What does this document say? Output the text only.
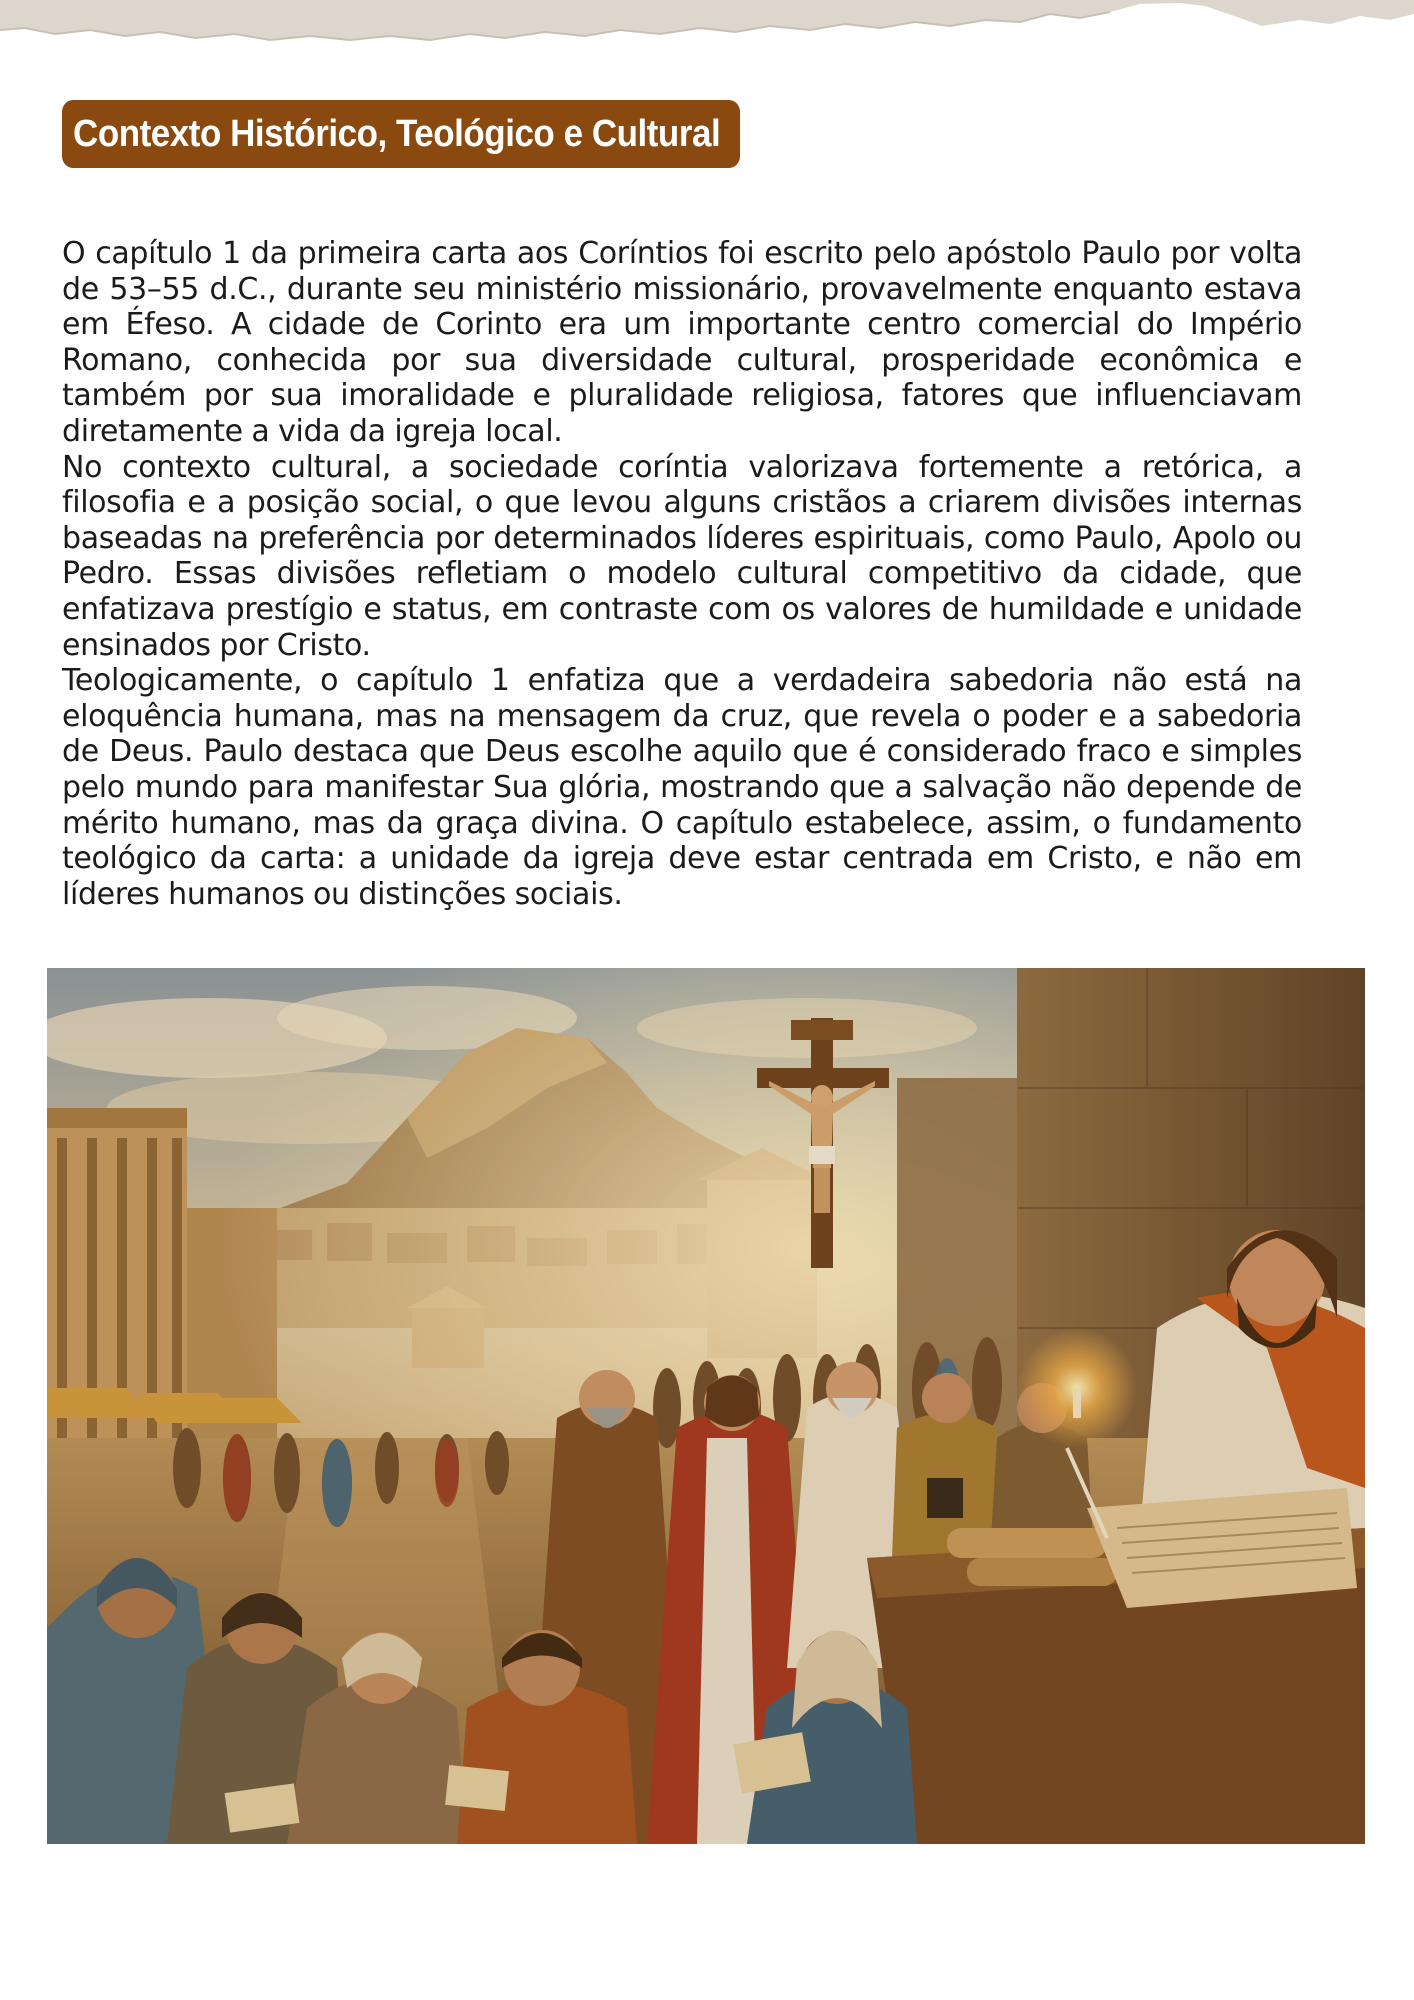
Contexto Histórico, Teológico e Cultural

O capítulo 1 da primeira carta aos Coríntios foi escrito pelo apóstolo Paulo por volta de 53–55 d.C., durante seu ministério missionário, provavelmente enquanto estava em Éfeso. A cidade de Corinto era um importante centro comercial do Império Romano, conhecida por sua diversidade cultural, prosperidade econômica e também por sua imoralidade e pluralidade religiosa, fatores que influenciavam diretamente a vida da igreja local.

No contexto cultural, a sociedade coríntia valorizava fortemente a retórica, a filosofia e a posição social, o que levou alguns cristãos a criarem divisões internas baseadas na preferência por determinados líderes espirituais, como Paulo, Apolo ou Pedro. Essas divisões refletiam o modelo cultural competitivo da cidade, que enfatizava prestígio e status, em contraste com os valores de humildade e unidade ensinados por Cristo.

Teologicamente, o capítulo 1 enfatiza que a verdadeira sabedoria não está na eloquência humana, mas na mensagem da cruz, que revela o poder e a sabedoria de Deus. Paulo destaca que Deus escolhe aquilo que é considerado fraco e simples pelo mundo para manifestar Sua glória, mostrando que a salvação não depende de mérito humano, mas da graça divina. O capítulo estabelece, assim, o fundamento teológico da carta: a unidade da igreja deve estar centrada em Cristo, e não em líderes humanos ou distinções sociais.
